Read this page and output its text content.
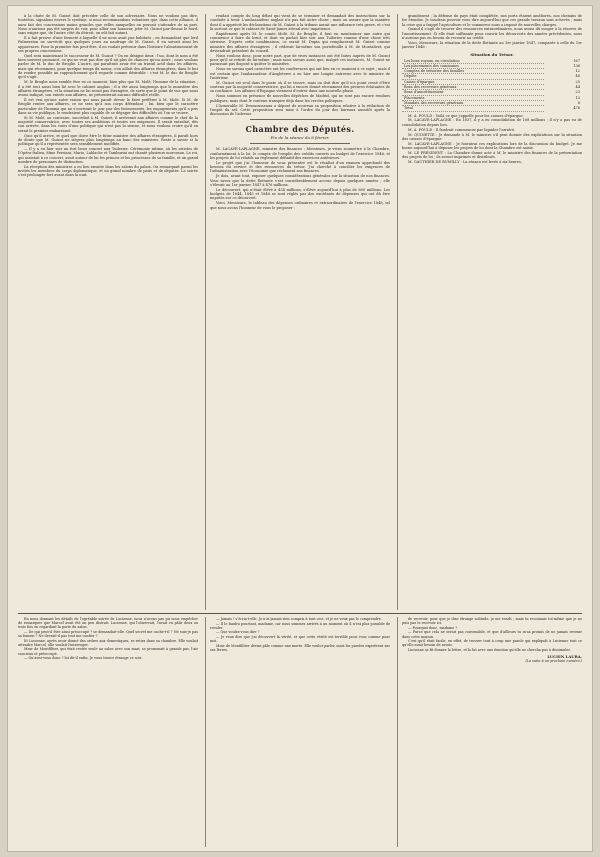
à la chute de M. Guizot doit précéder celle de son adversaire. Nous ne voulons pas dire, toutefois, signalons envers le système, si nous recommandons volontiers que, dans cette alliance, il aura fait des concessions moins grandes que celles auxquelles on pouvait s'attendre de sa part. Nous n'aurions pas été surpris de voir, pour allier son honneur, jeter M. Guizot par-dessus le bord, sans exiger que, de l'autre côté du détroit, on eût fait autant.

Il a fait preuve d'une fermeté à laquelle il ne nous avait pas habitués ; en demandant que lord Palmerston ne survécût que quelques jours au naufrage de M. Guizot, il en suivait ainsi les apparences. Pour la première fois peut-être, il en voulait prévenir dans l'histoire l'aboutissement de ses propres concessions.

Quel sera maintenant le successeur de M. Guizot ? On en désigne deux : l'un, dont le nom a été bien souvent prononcé, ce qui ne veut pas dire qu'il ait plus de chances qu'un autre ; nous voulons parler de M. le duc de Broglie. L'autre, qui paraîtrait avoir été un travail actif dans les affaires, mais qui récemment, pour quelque temps du moins, s'en aillait des affaires étrangères, dans le but de rendre possible un rapprochement qu'il regarde comme désirable : c'est M. le duc de Broglie qu'il s'agit.

M. le Broglie nous semble être en ce moment, bien plus que M. Molé, l'homme de la situation ; il a été tout aussi bien lié avec le cabinet anglais ; il a été aussi longtemps que le ministère des affaires étrangères, et la situation ne lui serait pas étrangère, de sorte que le point de vue que nous avons indiqué, son entrée aux affaires, ne présenterait aucune difficulté réelle.

Il est vrai qu'une autre raison qui nous paraît devoir le faire préférer à M. Molé. Si M. de Broglie rentre aux affaires, ce ne sera qu'à son corps défendant ; lui, bien que le caractère particulier de l'homme qui ne s'ouvrirait le jour par des froissements, les engagements qu'il a pris dans sa vie publique, le rendraient plus capable de se dégager des difficultés où l'on se trouve.

Si M. Molé, au contraire, succédait à M. Guizot, il arriverait aux affaires comme le chef de la majorité conservatrice, avec toutes ses ambitions et toutes ses exigences. Il serait entraîné, dès son arrivée, dans les voies d'une politique qui n'est pas la sienne, et nous voulons croire qu'il en serait le premier embarrassé.

Quoi qu'il arrive, et quel que doive être le futur ministre des affaires étrangères, il paraît hors de doute que M. Guizot ne siégera plus longtemps au banc des ministres. Reste à savoir si la politique qu'il a représentée sera sensiblement modifiée.

— Il y a eu hier soir un fort beau concert aux Tuileries. Cérémonie intime, où les artistes de l'Opéra-Italien, Mme Persiani, Mario, Lablache et Tamburini ont chanté plusieurs morceaux. Le roi, qui assistait à ce concert, avait autour de lui les princes et les princesses de sa famille, et un grand nombre de personnes de distinction.

La réception des ministres a eu lieu ensuite dans les salons du palais. On remarquait parmi les invités les membres du corps diplomatique, et un grand nombre de pairs et de députés. La soirée s'est prolongée fort avant dans la nuit.

rendait compte du long débat qui vient de se terminer et demandait des instructions sur la conduite à tenir. L'ambassadeur anglais n'a pas fait autre chose ; mais on assure que la manière dont il a apprécié les déclarations de M. Guizot à la tribune aurait une influence très grave, et c'est là surtout ce que le cabinet de Saint-James attend avec impatience.

Rapidement après M. le comte Molé, M. de Broglie, il faut en mentionner une autre qui commence à faire du bruit, et dont on parlait hier soir aux Tuileries comme d'une chose très sérieuse. D'après cette combinaison, ce serait M. Dupin qui remplacerait M. Guizot comme ministre des affaires étrangères ; il céderait lui-même son portefeuille à M. de Montalivet, qui deviendrait président du conseil.

Nous voulons donc, pour notre part, que de vives instances ont été faites auprès de M. Guizot pour qu'il se retirât de lui-même ; mais nous savons aussi que, malgré ces instances, M. Guizot ne paraissait pas disposé à quitter le ministère.

Nous ne savons quel caractère ont les conférences qui ont lieu en ce moment à ce sujet ; mais il est certain que l'ambassadeur d'Angleterre a eu hier une longue entrevue avec le ministre de l'intérieur.

M. Guizot est seul dans le poste où il se trouve, mais on doit dire qu'il n'a point cessé d'être soutenu par la majorité conservatrice, qui lui a encore donné récemment des preuves éclatantes de sa confiance. Les affaires d'Espagne viennent d'entrer dans une nouvelle phase.

Nous sommes en présence de nouvelles dépêches de Madrid, qui ne sont pas encore rendues publiques, mais dont le contenu transpire déjà dans les cercles politiques.

L'honorable M. Desmousseaux a déposé de nouveau sa proposition relative à la réduction de l'impôt du sel. Cette proposition sera mise à l'ordre du jour des bureaux aussitôt après la discussion de l'adresse.

Chambre des Députés.
Fin de la séance du 8 février.

M. LACAVE-LAPLAGNE, ministre des finances : Messieurs, je viens soumettre à la Chambre, conformément à la loi, le compte de l'emploi des crédits ouverts au budget de l'exercice 1846, et les projets de loi relatifs au règlement définitif des exercices antérieurs.

Le projet que j'ai l'honneur de vous présenter est le résultat d'un examen approfondi des besoins du service et des ressources du trésor. J'ai cherché à concilier les exigences de l'administration avec l'économie que réclament nos finances.

Je dois, avant tout, exposer quelques considérations générales sur la situation de nos finances. Vous savez que la dette flottante s'est considérablement accrue depuis quelques années ; elle s'élevait au 1er janvier 1847 à 476 millions.

Le découvert, qui n'était élevé à 434 millions, s'élève aujourd'hui à plus de 600 millions. Les budgets de 1844, 1845 et 1846 se sont réglés par des excédants de dépenses qui ont dû être imputés sur ce découvert.

Voici, Messieurs, le tableau des dépenses ordinaires et extraordinaires de l'exercice 1848, tel que nous avons l'honneur de vous le proposer :

grandissent ; la défense du pays était complétée, nos ports étaient améliorés, nos chemins de fer étendus. Je voudrais pouvoir vous dire aujourd'hui que ces grands travaux sont achevés ; mais la crise qui a frappé l'agriculture et le commerce nous a imposé de nouvelles charges.

Quand il s'agit de trouver des ressources extraordinaires, nous avons dû songer à la réserve de l'amortissement. Si elle était suffisante pour couvrir les découverts des années précédentes, nous n'aurions pas eu besoin de recourir au crédit.

Voici, Messieurs, la situation de la dette flottante au 1er janvier 1847, comparée à celle du 1er janvier 1846 :

Situation du Trésor.
Les bons royaux, en circulation	167
Les placements des communes	136
Comptes de trésorier des familles	12
Dépôts	48
Caisse d'épargne	25
Bons des receveurs généraux	44
Bons d'amortissement	23
Placements	13
Mandats des receveurs généraux	8
Total	476

M. A. FOULD : Voilà ce que j'appelle pour les caisses d'épargne.

M. LACAVE-LAPLAGNE : En 1837, il y a eu consolidation de 108 millions ; il n'y a pas eu de consolidation depuis lors.

M. A. FOULD : Il faudrait commencer par liquider l'arriéré.

M. QUINETTE : Je demande à M. le ministre s'il peut donner des explications sur la situation des caisses d'épargne.

M. LACAVE-LAPLAGNE : Je fournirai ces explications lors de la discussion du budget. Je me borne aujourd'hui à déposer les projets de loi dont la Chambre est saisie.

M. LE PRÉSIDENT : La Chambre donne acte à M. le ministre des finances de la présentation des projets de loi ; ils seront imprimés et distribués.

M. GAUTHIER DE RUMILLY : La séance est levée à six heures.

En nous donnant les détails de l'agréable soirée de Lucienne, nous n'avons pas pu nous empêcher de remarquer que Marcel avait été un peu distrait. Lucienne, qui l'observait, l'avait vu pâlir deux ou trois fois en regardant la porte du salon.

— De qui peut-il être ainsi préoccupé ? se demandait-elle. Quel secret me cache-t-il ? Ne suis-je pas sa femme ? Ne devrait-il pas tout me confier ?

Et Lucienne, après avoir donné des ordres aux domestiques, se retira dans sa chambre. Elle voulait attendre Marcel, elle voulait l'interroger.

Mme de Montfiltier, qui était restée seule au salon avec son mari, se promenait à grands pas, l'air soucieux et préoccupé.

— Qu'avez-vous donc ? lui dit-il enfin. Je vous trouve étrange ce soir.

— Jamais ! s'écria-t-elle. Je n'ai jamais rien compris à tout ceci, et je ne veux pas le comprendre.

— Il le faudra pourtant, madame, car nous sommes arrivés à un moment où il n'est plus possible de reculer.

— Que voulez-vous dire ?

— Je veux dire que j'ai découvert la vérité, et que cette vérité est terrible pour vous comme pour moi.

Mme de Montfiltier devint pâle comme une morte. Elle voulut parler, mais les paroles expirèrent sur ses lèvres.

de recevoir, pour que je dise étrange solitude, je me rends ; mais tu reconnais toi-même que je ne puis pas te recevoir ici.

— Pourquoi donc, madame ?

— Parce que cela ne serait pas convenable, et que d'ailleurs tu m'as promis de ne jamais revenir dans cette maison.

C'est qu'il était facile, en effet, de trouver tout à coup une parole qui expliquât à Lucienne tout ce qu'elle avait besoin de savoir.

Lucienne se fit donner la lettre, et la lut avec une émotion qu'elle ne chercha pas à dissimuler.

LUCIEN LAURA.
(La suite à un prochain numéro.)
